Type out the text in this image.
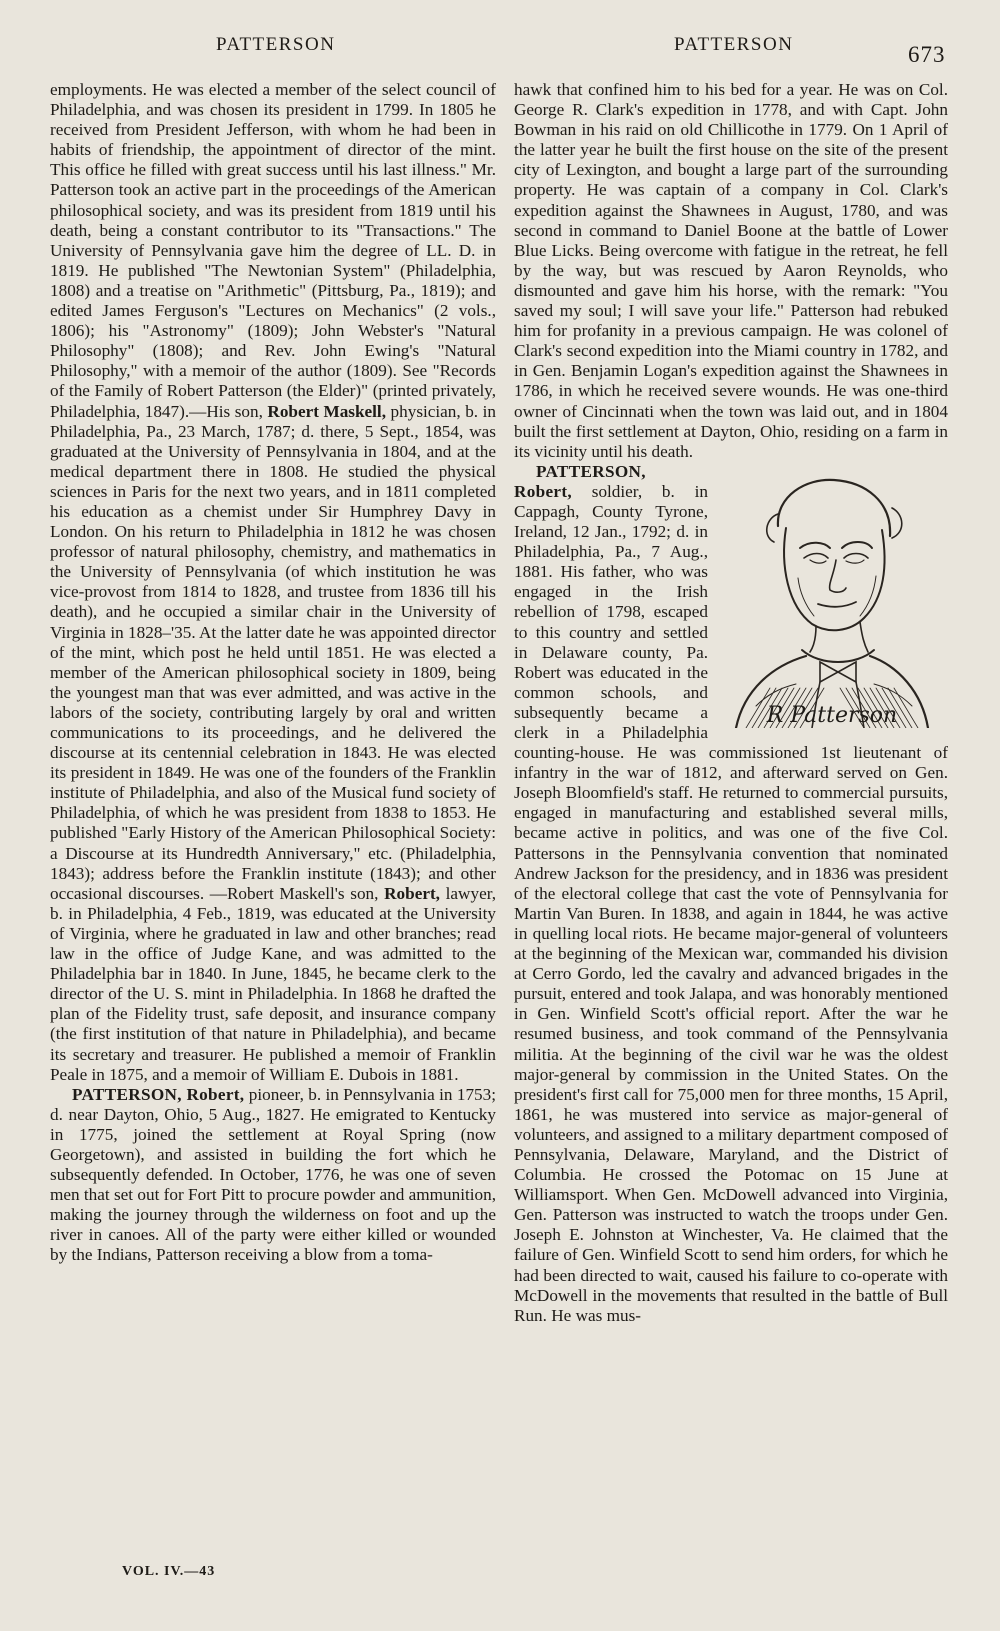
PATTERSON	PATTERSON	673

employments. He was elected a member of the select council of Philadelphia, and was chosen its president in 1799. In 1805 he received from President Jefferson, with whom he had been in habits of friendship, the appointment of director of the mint. This office he filled with great success until his last illness." Mr. Patterson took an active part in the proceedings of the American philosophical society, and was its president from 1819 until his death, being a constant contributor to its "Transactions." The University of Pennsylvania gave him the degree of LL. D. in 1819. He published "The Newtonian System" (Philadelphia, 1808) and a treatise on "Arithmetic" (Pittsburg, Pa., 1819); and edited James Ferguson's "Lectures on Mechanics" (2 vols., 1806); his "Astronomy" (1809); John Webster's "Natural Philosophy" (1808); and Rev. John Ewing's "Natural Philosophy," with a memoir of the author (1809). See "Records of the Family of Robert Patterson (the Elder)" (printed privately, Philadelphia, 1847).—His son, Robert Maskell, physician, b. in Philadelphia, Pa., 23 March, 1787; d. there, 5 Sept., 1854, was graduated at the University of Pennsylvania in 1804, and at the medical department there in 1808. He studied the physical sciences in Paris for the next two years, and in 1811 completed his education as a chemist under Sir Humphrey Davy in London. On his return to Philadelphia in 1812 he was chosen professor of natural philosophy, chemistry, and mathematics in the University of Pennsylvania (of which institution he was vice-provost from 1814 to 1828, and trustee from 1836 till his death), and he occupied a similar chair in the University of Virginia in 1828–'35. At the latter date he was appointed director of the mint, which post he held until 1851. He was elected a member of the American philosophical society in 1809, being the youngest man that was ever admitted, and was active in the labors of the society, contributing largely by oral and written communications to its proceedings, and he delivered the discourse at its centennial celebration in 1843. He was elected its president in 1849. He was one of the founders of the Franklin institute of Philadelphia, and also of the Musical fund society of Philadelphia, of which he was president from 1838 to 1853. He published "Early History of the American Philosophical Society: a Discourse at its Hundredth Anniversary," etc. (Philadelphia, 1843); address before the Franklin institute (1843); and other occasional discourses. —Robert Maskell's son, Robert, lawyer, b. in Philadelphia, 4 Feb., 1819, was educated at the University of Virginia, where he graduated in law and other branches; read law in the office of Judge Kane, and was admitted to the Philadelphia bar in 1840. In June, 1845, he became clerk to the director of the U. S. mint in Philadelphia. In 1868 he drafted the plan of the Fidelity trust, safe deposit, and insurance company (the first institution of that nature in Philadelphia), and became its secretary and treasurer. He published a memoir of Franklin Peale in 1875, and a memoir of William E. Dubois in 1881.

PATTERSON, Robert, pioneer, b. in Pennsylvania in 1753; d. near Dayton, Ohio, 5 Aug., 1827. He emigrated to Kentucky in 1775, joined the settlement at Royal Spring (now Georgetown), and assisted in building the fort which he subsequently defended. In October, 1776, he was one of seven men that set out for Fort Pitt to procure powder and ammunition, making the journey through the wilderness on foot and up the river in canoes. All of the party were either killed or wounded by the Indians, Patterson receiving a blow from a toma-

hawk that confined him to his bed for a year. He was on Col. George R. Clark's expedition in 1778, and with Capt. John Bowman in his raid on old Chillicothe in 1779. On 1 April of the latter year he built the first house on the site of the present city of Lexington, and bought a large part of the surrounding property. He was captain of a company in Col. Clark's expedition against the Shawnees in August, 1780, and was second in command to Daniel Boone at the battle of Lower Blue Licks. Being overcome with fatigue in the retreat, he fell by the way, but was rescued by Aaron Reynolds, who dismounted and gave him his horse, with the remark: "You saved my soul; I will save your life." Patterson had rebuked him for profanity in a previous campaign. He was colonel of Clark's second expedition into the Miami country in 1782, and in Gen. Benjamin Logan's expedition against the Shawnees in 1786, in which he received severe wounds. He was one-third owner of Cincinnati when the town was laid out, and in 1804 built the first settlement at Dayton, Ohio, residing on a farm in its vicinity until his death.

R Patterson
PATTERSON, Robert, soldier, b. in Cappagh, County Tyrone, Ireland, 12 Jan., 1792; d. in Philadelphia, Pa., 7 Aug., 1881. His father, who was engaged in the Irish rebellion of 1798, escaped to this country and settled in Delaware county, Pa. Robert was educated in the common schools, and subsequently became a clerk in a Philadelphia counting-house. He was commissioned 1st lieutenant of infantry in the war of 1812, and afterward served on Gen. Joseph Bloomfield's staff. He returned to commercial pursuits, engaged in manufacturing and established several mills, became active in politics, and was one of the five Col. Pattersons in the Pennsylvania convention that nominated Andrew Jackson for the presidency, and in 1836 was president of the electoral college that cast the vote of Pennsylvania for Martin Van Buren. In 1838, and again in 1844, he was active in quelling local riots. He became major-general of volunteers at the beginning of the Mexican war, commanded his division at Cerro Gordo, led the cavalry and advanced brigades in the pursuit, entered and took Jalapa, and was honorably mentioned in Gen. Winfield Scott's official report. After the war he resumed business, and took command of the Pennsylvania militia. At the beginning of the civil war he was the oldest major-general by commission in the United States. On the president's first call for 75,000 men for three months, 15 April, 1861, he was mustered into service as major-general of volunteers, and assigned to a military department composed of Pennsylvania, Delaware, Maryland, and the District of Columbia. He crossed the Potomac on 15 June at Williamsport. When Gen. McDowell advanced into Virginia, Gen. Patterson was instructed to watch the troops under Gen. Joseph E. Johnston at Winchester, Va. He claimed that the failure of Gen. Winfield Scott to send him orders, for which he had been directed to wait, caused his failure to co-operate with McDowell in the movements that resulted in the battle of Bull Run. He was mus-

VOL. IV.—43
